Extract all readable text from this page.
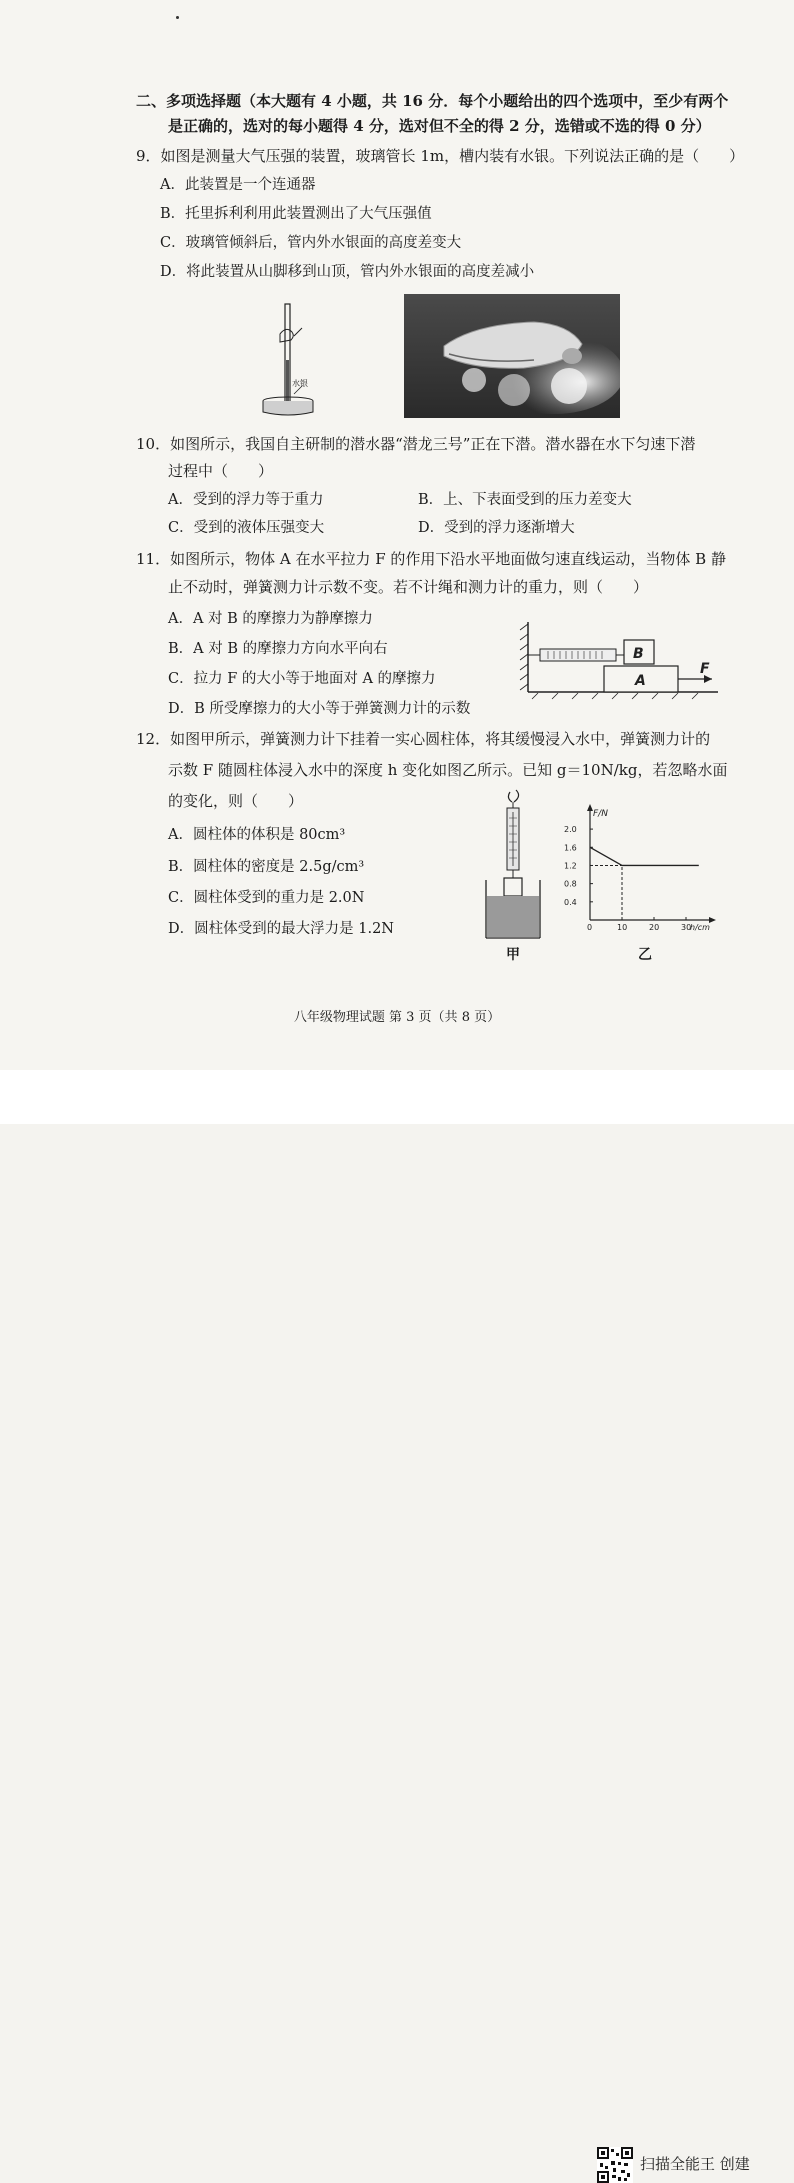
二、多项选择题（本大题有 4 小题，共 16 分．每个小题给出的四个选项中，至少有两个
是正确的，选对的每小题得 4 分，选对但不全的得 2 分，选错或不选的得 0 分）
9．如图是测量大气压强的装置，玻璃管长 1m，槽内装有水银。下列说法正确的是（　　）
A．此装置是一个连通器
B．托里拆利利用此装置测出了大气压强值
C．玻璃管倾斜后，管内外水银面的高度差变大
D．将此装置从山脚移到山顶，管内外水银面的高度差减小
水银
10．如图所示，我国自主研制的潜水器“潜龙三号”正在下潜。潜水器在水下匀速下潜
过程中（　　）
A．受到的浮力等于重力	B．上、下表面受到的压力差变大
C．受到的液体压强变大	D．受到的浮力逐渐增大
11．如图所示，物体 A 在水平拉力 F 的作用下沿水平地面做匀速直线运动，当物体 B 静
止不动时，弹簧测力计示数不变。若不计绳和测力计的重力，则（　　）
A．A 对 B 的摩擦力为静摩擦力
B．A 对 B 的摩擦力方向水平向右
C．拉力 F 的大小等于地面对 A 的摩擦力
D．B 所受摩擦力的大小等于弹簧测力计的示数
B
A
F
12．如图甲所示，弹簧测力计下挂着一实心圆柱体，将其缓慢浸入水中，弹簧测力计的
示数 F 随圆柱体浸入水中的深度 h 变化如图乙所示。已知 g＝10N/kg，若忽略水面
的变化，则（　　）
A．圆柱体的体积是 80cm³
B．圆柱体的密度是 2.5g/cm³
C．圆柱体受到的重力是 2.0N
D．圆柱体受到的最大浮力是 1.2N
甲
F/N
h/cm
0.4
0.8
1.2
1.6
2.0
0	10	20	30
乙
八年级物理试题 第 3 页（共 8 页）
扫描全能王 创建
